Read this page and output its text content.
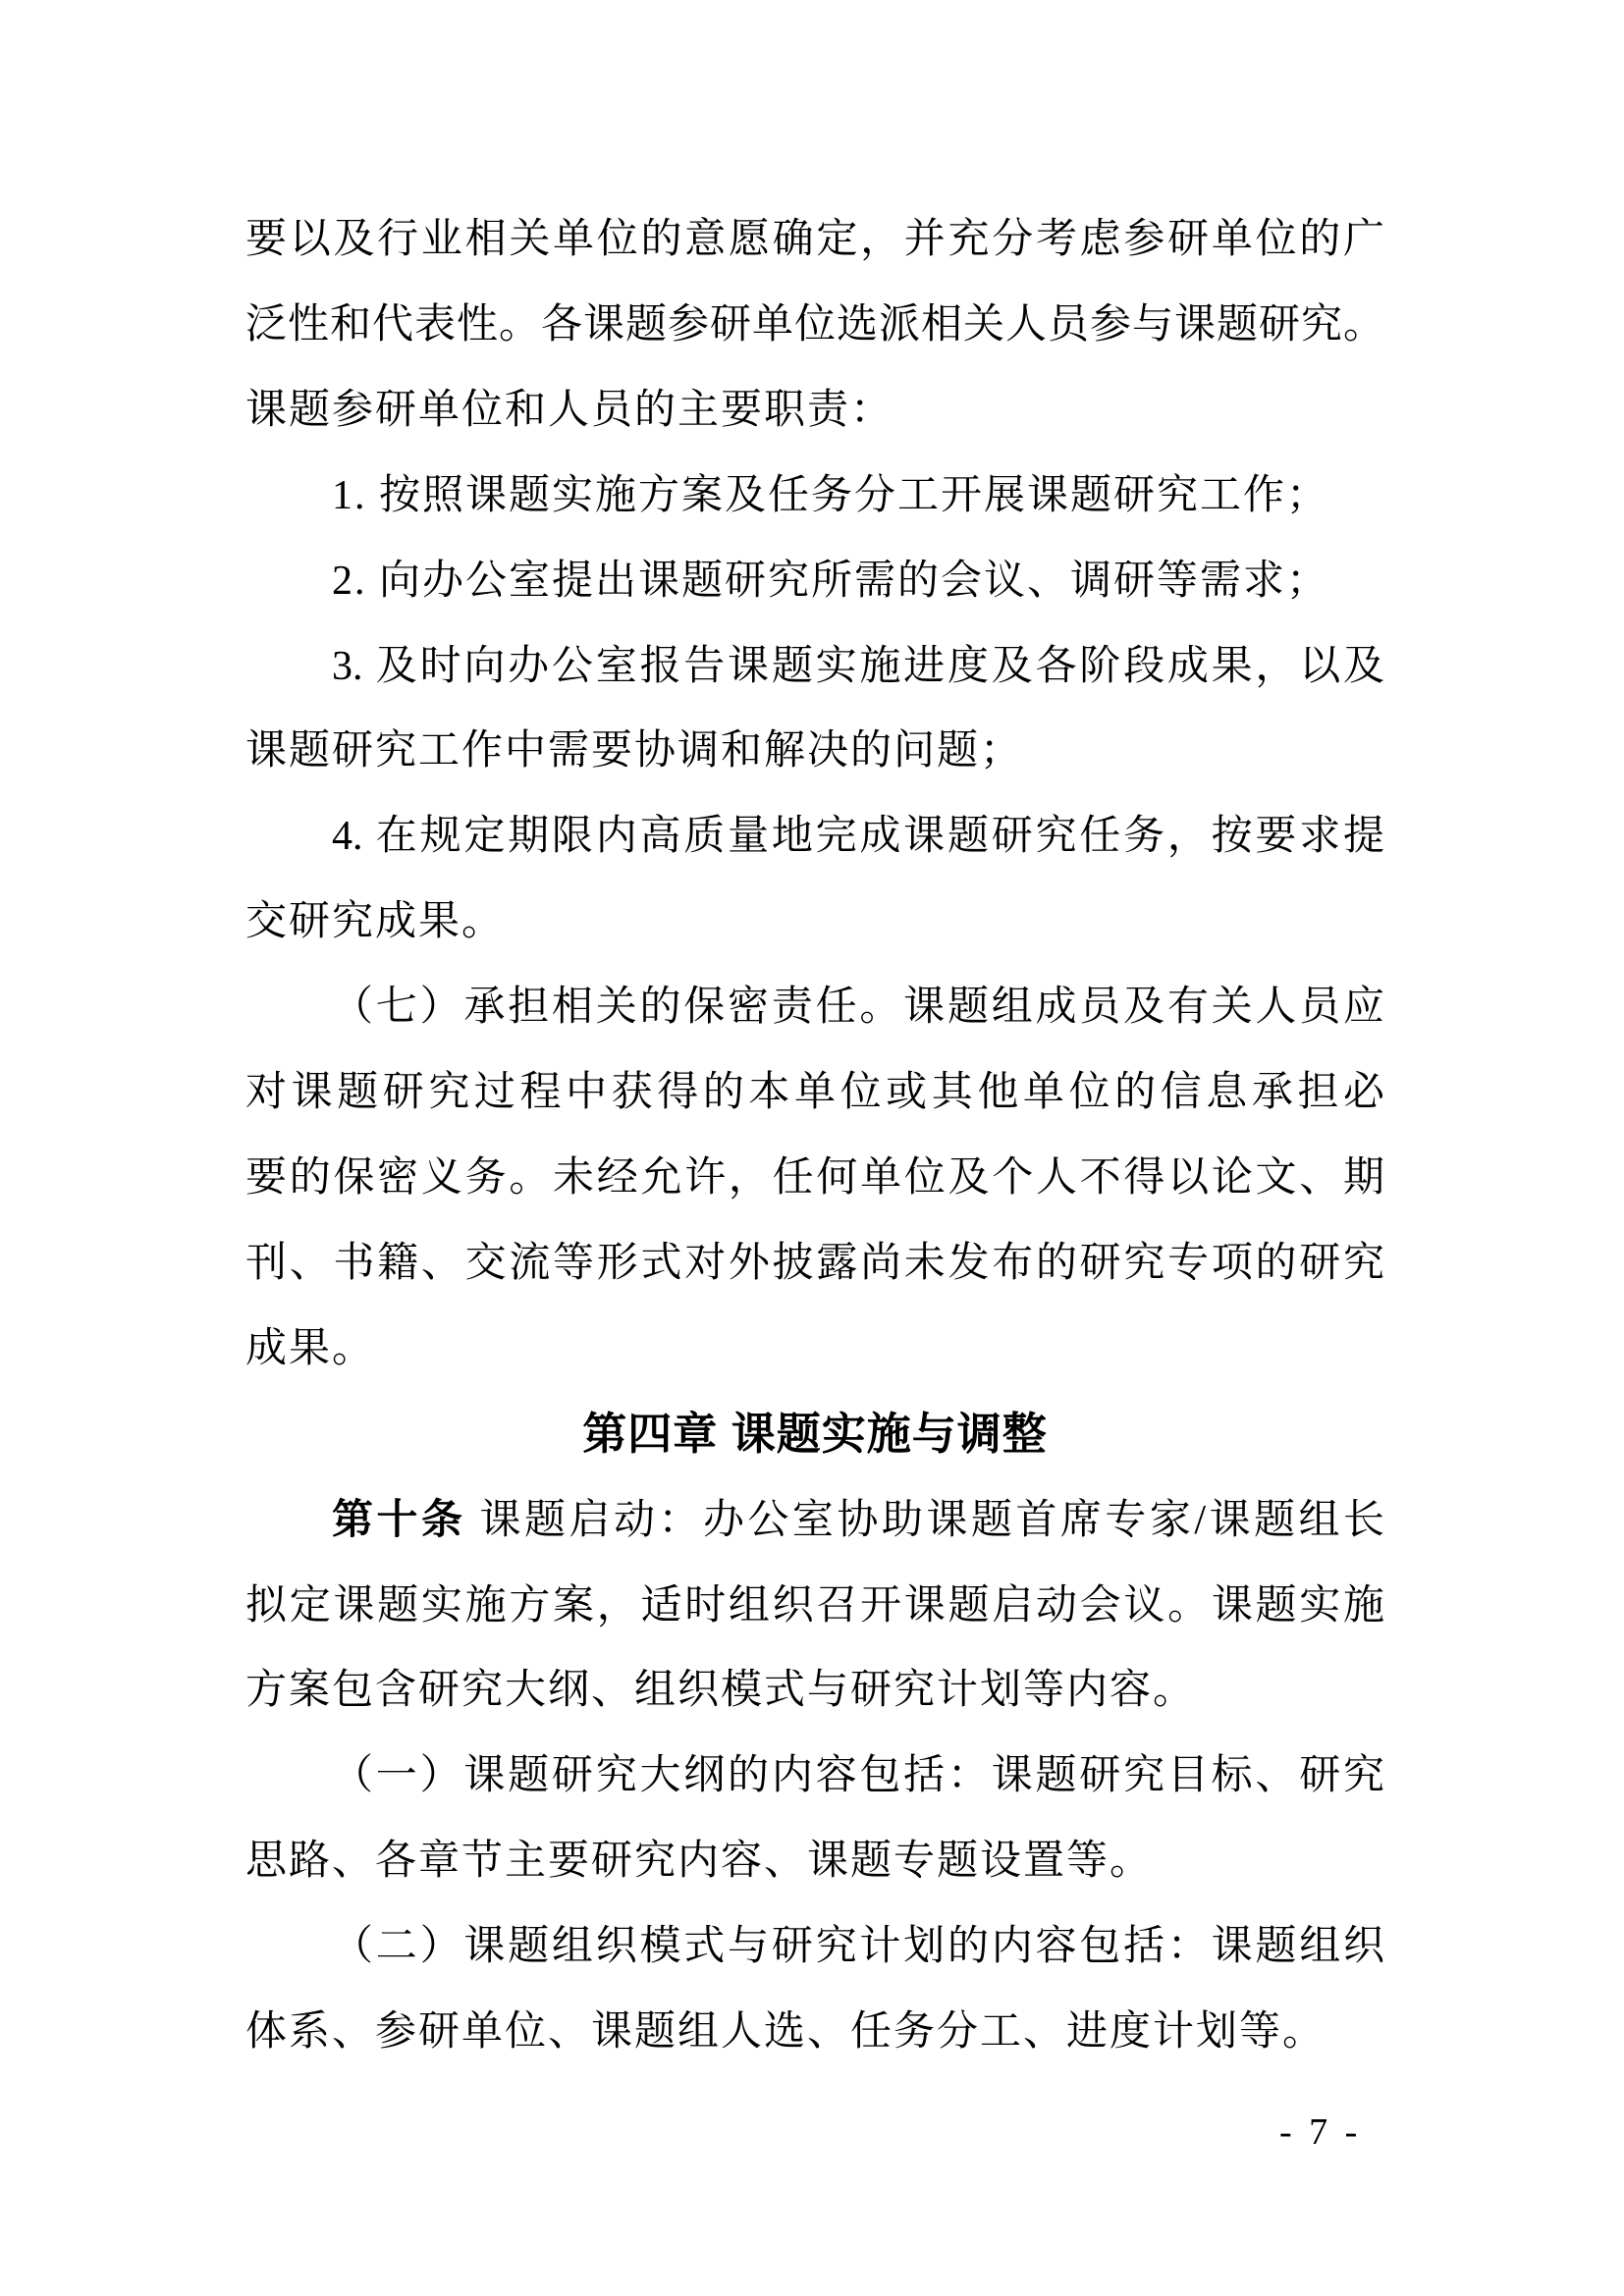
要以及行业相关单位的意愿确定，并充分考虑参研单位的广
泛性和代表性。各课题参研单位选派相关人员参与课题研究。
课题参研单位和人员的主要职责：
1. 按照课题实施方案及任务分工开展课题研究工作；
2. 向办公室提出课题研究所需的会议、调研等需求；
3. 及时向办公室报告课题实施进度及各阶段成果，以及
课题研究工作中需要协调和解决的问题；
4. 在规定期限内高质量地完成课题研究任务，按要求提
交研究成果。
（七）承担相关的保密责任。课题组成员及有关人员应
对课题研究过程中获得的本单位或其他单位的信息承担必
要的保密义务。未经允许，任何单位及个人不得以论文、期
刊、书籍、交流等形式对外披露尚未发布的研究专项的研究
成果。
第四章 课题实施与调整
第十条 课题启动：办公室协助课题首席专家/课题组长
拟定课题实施方案，适时组织召开课题启动会议。课题实施
方案包含研究大纲、组织模式与研究计划等内容。
（一）课题研究大纲的内容包括：课题研究目标、研究
思路、各章节主要研究内容、课题专题设置等。
（二）课题组织模式与研究计划的内容包括：课题组织
体系、参研单位、课题组人选、任务分工、进度计划等。
- 7 -
